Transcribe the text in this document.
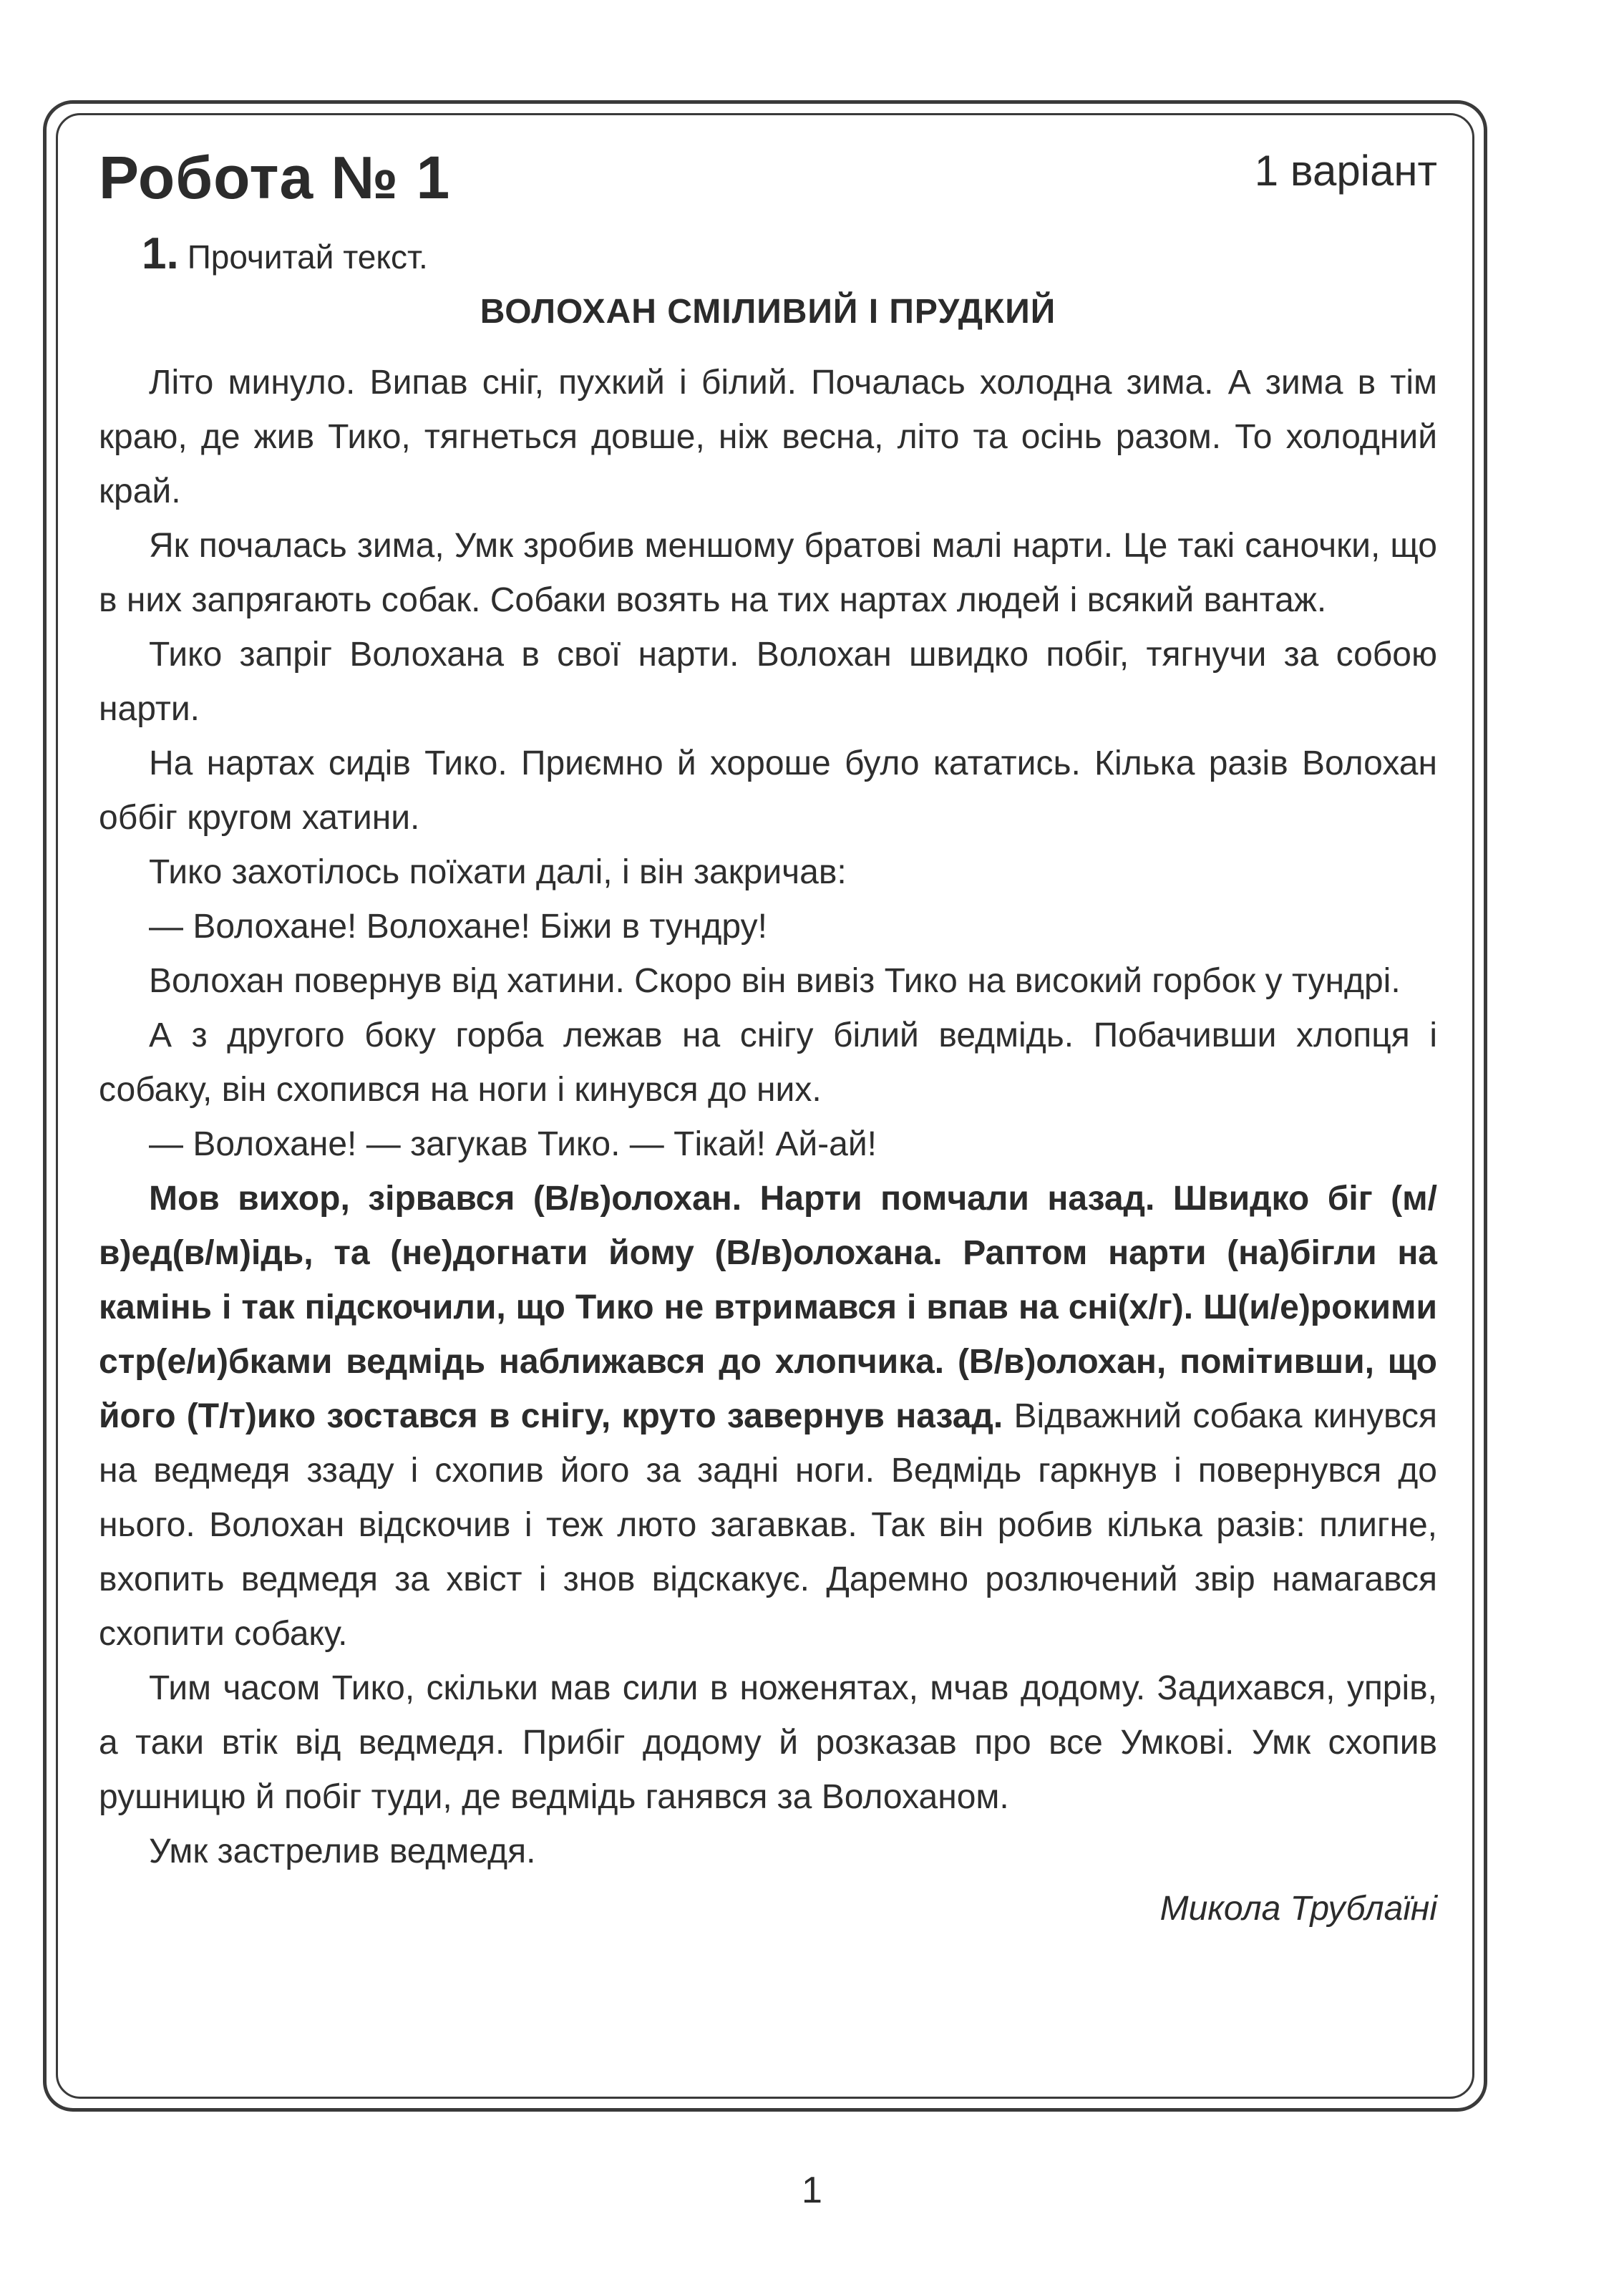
Робота № 1	1 варіант
1. Прочитай текст.
ВОЛОХАН СМІЛИВИЙ І ПРУДКИЙ

Літо минуло. Випав сніг, пухкий і білий. Почалась холодна зима. А зима в тім краю, де жив Тико, тягнеться довше, ніж весна, літо та осінь разом. То холодний край.

Як почалась зима, Умк зробив меншому братові малі нарти. Це такі саночки, що в них запрягають собак. Собаки возять на тих нартах людей і всякий вантаж.

Тико запріг Волохана в свої нарти. Волохан швидко побіг, тягнучи за собою нарти.

На нартах сидів Тико. Приємно й хороше було кататись. Кілька разів Волохан оббіг кругом хатини.

Тико захотілось поїхати далі, і він закричав:

— Волохане! Волохане! Біжи в тундру!

Волохан повернув від хатини. Скоро він вивіз Тико на високий горбок у тундрі.

А з другого боку горба лежав на снігу білий ведмідь. Побачивши хлопця і собаку, він схопився на ноги і кинувся до них.

— Волохане! — загукав Тико. — Тікай! Ай-ай!

Мов вихор, зірвався (В/в)олохан. Нарти помчали назад. Швидко біг (м/в)ед(в/м)ідь, та (не)догнати йому (В/в)олохана. Раптом нарти (на)бігли на камінь і так підскочили, що Тико не втримався і впав на сні(х/г). Ш(и/е)рокими стр(е/и)бками ведмідь наближався до хлопчика. (В/в)олохан, помітивши, що його (Т/т)ико зостався в снігу, круто завернув назад. Відважний собака кинувся на ведмедя ззаду і схопив його за задні ноги. Ведмідь гаркнув і повернувся до нього. Волохан відскочив і теж люто загавкав. Так він робив кілька разів: плигне, вхопить ведмедя за хвіст і знов відскакує. Даремно розлючений звір намагався схопити собаку.

Тим часом Тико, скільки мав сили в ноженятах, мчав додому. Задихався, упрів, а таки втік від ведмедя. Прибіг додому й розказав про все Умкові. Умк схопив рушницю й побіг туди, де ведмідь ганявся за Волоханом.

Умк застрелив ведмедя.

Микола Трублаїні
1
